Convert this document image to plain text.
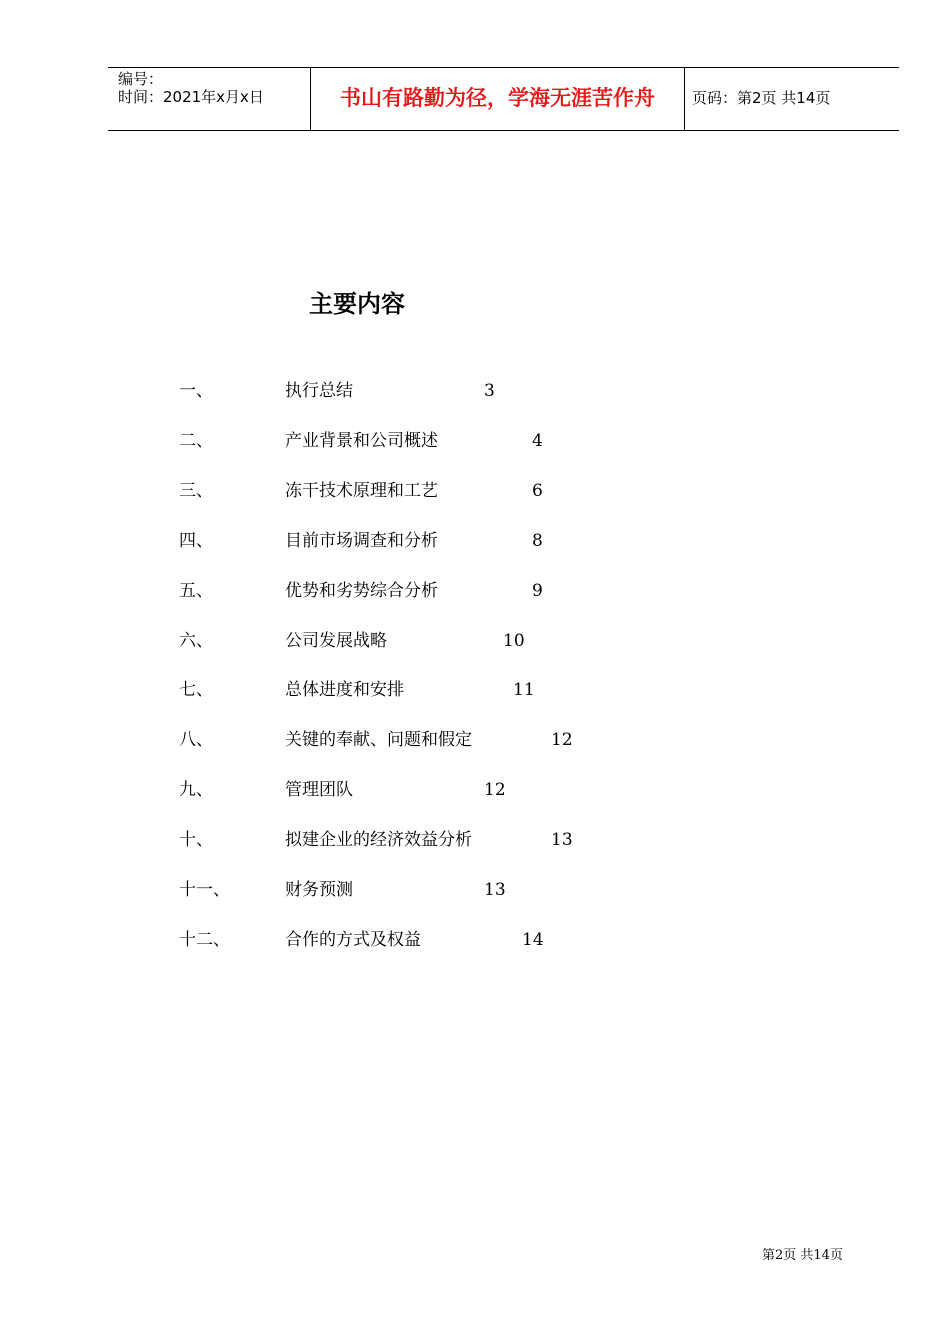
编号：
时间：2021年x月x日	书山有路勤为径，学海无涯苦作舟	页码：第2页 共14页
主要内容
一、	执行总结	3
二、	产业背景和公司概述	4
三、	冻干技术原理和工艺	6
四、	目前市场调查和分析	8
五、	优势和劣势综合分析	9
六、	公司发展战略	10
七、	总体进度和安排	11
八、	关键的奉献、问题和假定	12
九、	管理团队	12
十、	拟建企业的经济效益分析	13
十一、	财务预测	13
十二、	合作的方式及权益	14
第2页 共14页
